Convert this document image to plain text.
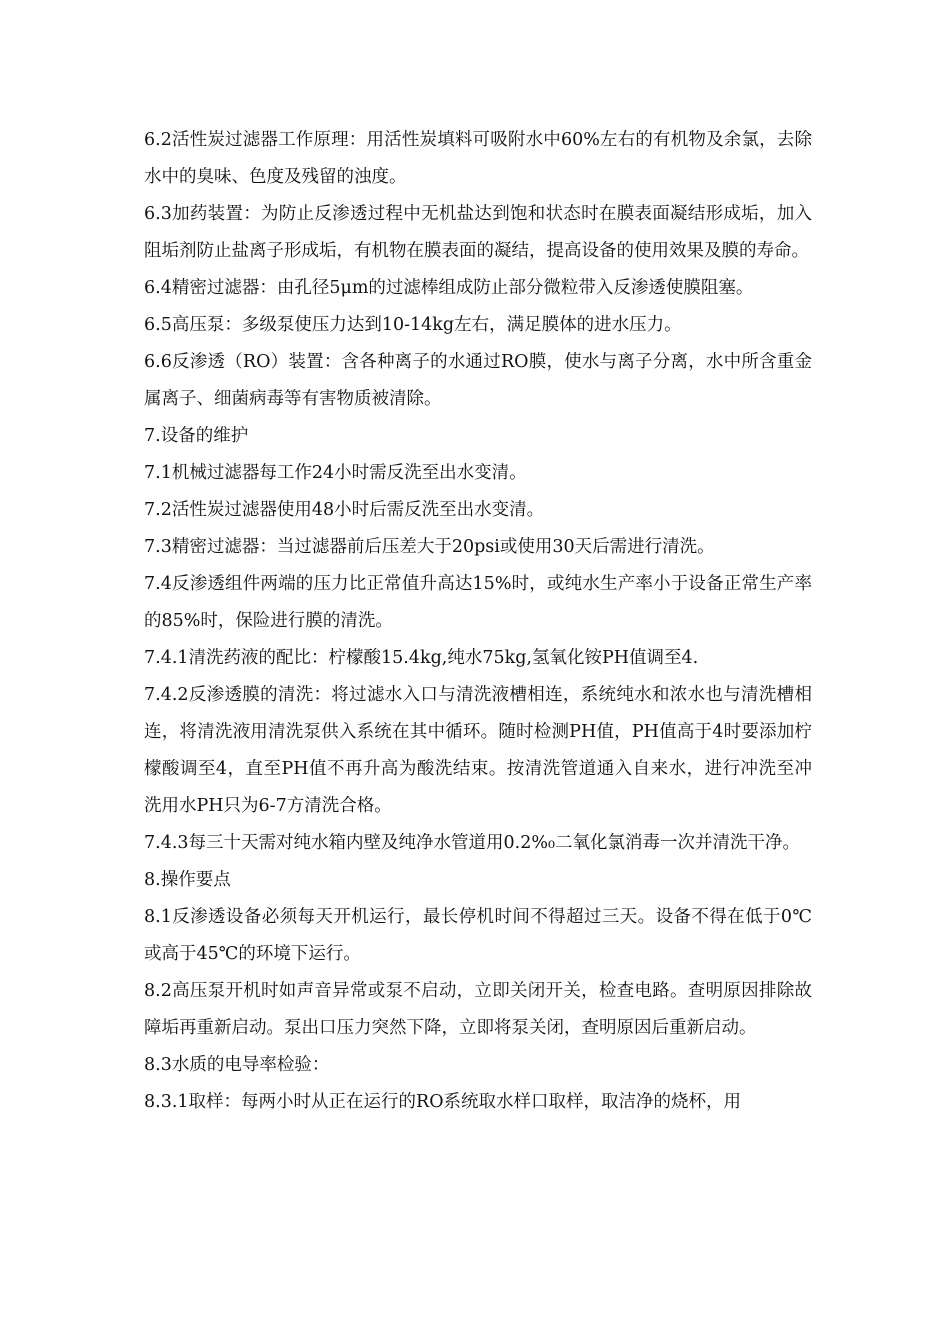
6.2活性炭过滤器工作原理：用活性炭填料可吸附水中60%左右的有机物及余氯，去除水中的臭味、色度及残留的浊度。

6.3加药装置：为防止反渗透过程中无机盐达到饱和状态时在膜表面凝结形成垢，加入阻垢剂防止盐离子形成垢，有机物在膜表面的凝结，提高设备的使用效果及膜的寿命。

6.4精密过滤器：由孔径5μm的过滤棒组成防止部分微粒带入反渗透使膜阻塞。

6.5高压泵：多级泵使压力达到10-14kg左右，满足膜体的进水压力。

6.6反渗透（RO）装置：含各种离子的水通过RO膜，使水与离子分离，水中所含重金属离子、细菌病毒等有害物质被清除。

7.设备的维护

7.1机械过滤器每工作24小时需反洗至出水变清。

7.2活性炭过滤器使用48小时后需反洗至出水变清。

7.3精密过滤器：当过滤器前后压差大于20psi或使用30天后需进行清洗。

7.4反渗透组件两端的压力比正常值升高达15%时，或纯水生产率小于设备正常生产率的85%时，保险进行膜的清洗。

7.4.1清洗药液的配比：柠檬酸15.4kg,纯水75kg,氢氧化铵PH值调至4.

7.4.2反渗透膜的清洗：将过滤水入口与清洗液槽相连，系统纯水和浓水也与清洗槽相连，将清洗液用清洗泵供入系统在其中循环。随时检测PH值，PH值高于4时要添加柠檬酸调至4，直至PH值不再升高为酸洗结束。按清洗管道通入自来水，进行冲洗至冲洗用水PH只为6-7方清洗合格。

7.4.3每三十天需对纯水箱内壁及纯净水管道用0.2%₀二氧化氯消毒一次并清洗干净。

8.操作要点

8.1反渗透设备必须每天开机运行，最长停机时间不得超过三天。设备不得在低于0℃或高于45℃的环境下运行。

8.2高压泵开机时如声音异常或泵不启动，立即关闭开关，检查电路。查明原因排除故障垢再重新启动。泵出口压力突然下降，立即将泵关闭，查明原因后重新启动。

8.3水质的电导率检验：

8.3.1取样：每两小时从正在运行的RO系统取水样口取样，取洁净的烧杯，用
